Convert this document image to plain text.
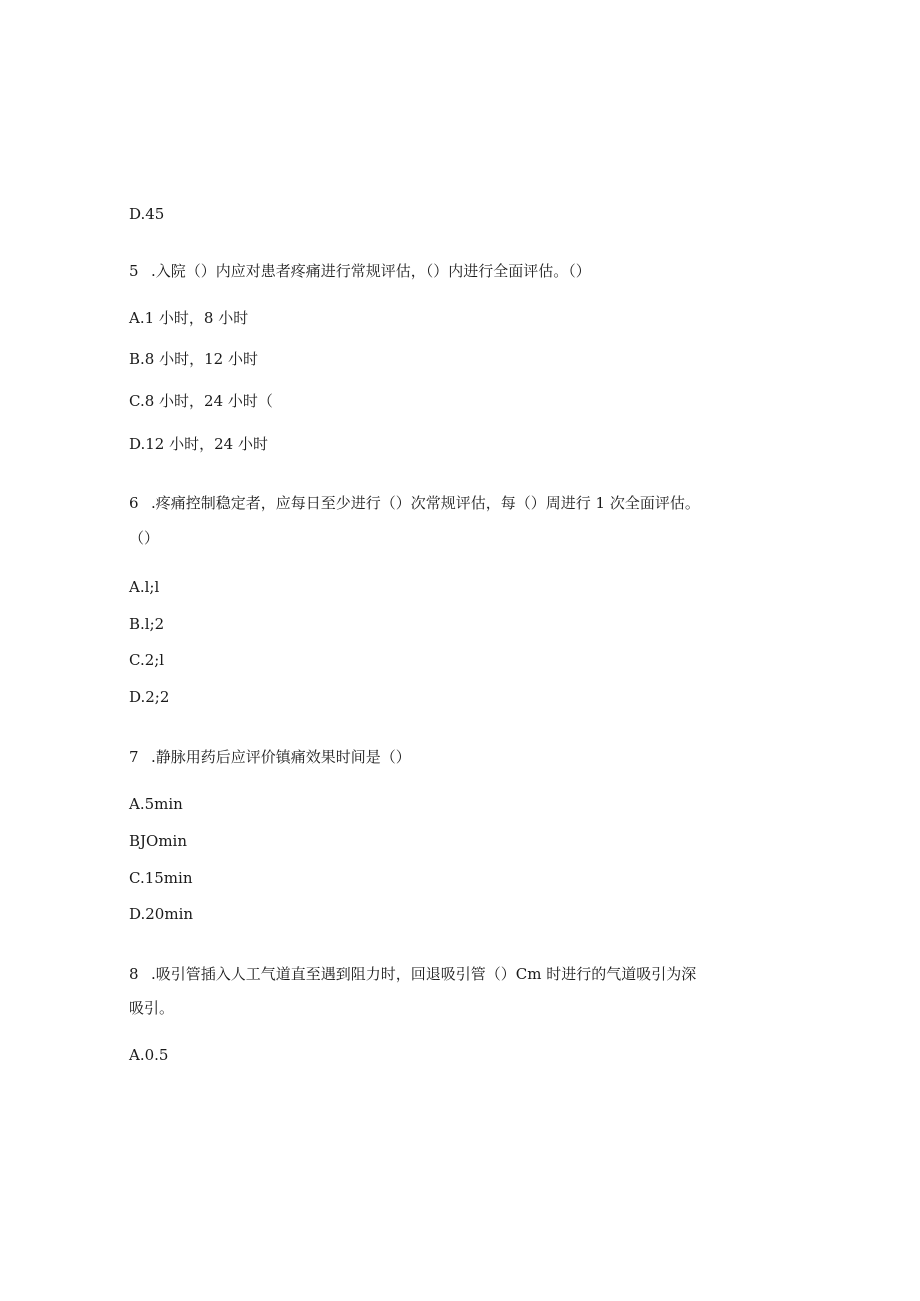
D.45
5 .入院（）内应对患者疼痛进行常规评估，（）内进行全面评估。（）
A.1 小时，8 小时
B.8 小时，12 小时
C.8 小时，24 小时（
D.12 小时，24 小时
6 .疼痛控制稳定者，应每日至少进行（）次常规评估，每（）周进行 1 次全面评估。
（）
A.l;l
B.l;2
C.2;l
D.2;2
7 .静脉用药后应评价镇痛效果时间是（）
A.5min
BJOmin
C.15min
D.20min
8 .吸引管插入人工气道直至遇到阻力时，回退吸引管（）Cm 时进行的气道吸引为深
吸引。
A.0.5
